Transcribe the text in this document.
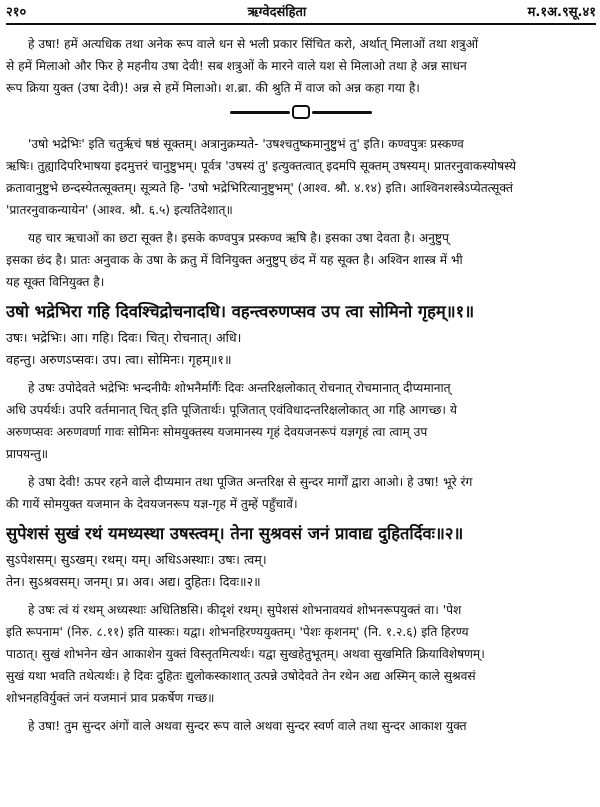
२१०	ऋग्वेदसंहिता	म.१अ.९सू.४१
हे उषा! हमें अत्यधिक तथा अनेक रूप वाले धन से भली प्रकार सिंचित करो, अर्थात् मिलाओं तथा शत्रुओं
से हमें मिलाओ और फिर हे महनीय उषा देवी! सब शत्रुओं के मारने वाले यश से मिलाओ तथा हे अन्न साधन
रूप क्रिया युक्त (उषा देवी)! अन्न से हमें मिलाओ। श.ब्रा. की श्रुति में वाज को अन्न कहा गया है।
'उषो भद्रेभिः' इति चतुर्ऋचं षष्ठं सूक्तम्। अत्रानुक्रम्यते- 'उषश्चतुष्कमानुष्टुभं तु' इति। कण्वपुत्रः प्रस्कण्व
ऋषिः। तुह्यादिपरिभाषया इदमुत्तरं चानुष्टुभम्। पूर्वत्र 'उषस्यं तु' इत्युक्तत्वात् इदमपि सूक्तम् उषस्यम्। प्रातरनुवाकस्योषस्ये
क्रतावानुष्टुभे छन्दस्येतत्सूक्तम्। सूत्र्यते हि- 'उषो भद्रेभिरित्यानुष्टुभम्' (आश्व. श्रौ. ४.१४) इति। आश्विनशस्त्रेऽप्येतत्सूक्तं
'प्रातरनुवाकन्यायेन' (आश्व. श्रौ. ६.५) इत्यतिदेशात्॥
यह चार ऋचाओं का छटा सूक्त है। इसके कण्वपुत्र प्रस्कण्व ऋषि है। इसका उषा देवता है। अनुष्टुप्
इसका छंद है। प्रातः अनुवाक के उषा के क्रतु में विनियुक्त अनुष्टुप् छंद में यह सूक्त है। अश्विन शास्त्र में भी
यह सूक्त विनियुक्त है।
उषो भद्रेभिरा गहि दिवश्चिद्रोचनादधि। वहन्त्वरुणप्सव उप त्वा सोमिनो गृहम्॥१॥
उषः। भद्रेभिः। आ। गहि। दिवः। चित्। रोचनात्। अधि।
वहन्तु। अरुणऽप्सवः। उप। त्वा। सोमिनः। गृहम्॥१॥
हे उषः उपोदेवते भद्रेभिः भन्दनीयैः शोभनैर्मार्गैः दिवः अन्तरिक्षलोकात् रोचनात् रोचमानात् दीप्यमानात्
अधि उपर्यर्थः। उपरि वर्तमानात् चित् इति पूजितार्थः। पूजितात् एवंविधादन्तरिक्षलोकात् आ गहि आगच्छ। ये
अरुणप्सवः अरुणवर्णा गावः सोमिनः सोमयुक्तस्य यजमानस्य गृहं देवयजनरूपं यज्ञगृहं त्वा त्वाम् उप
प्रापयन्तु॥
हे उषा देवी! ऊपर रहने वाले दीप्यमान तथा पूजित अन्तरिक्ष से सुन्दर मार्गों द्वारा आओ। हे उषा! भूरे रंग
की गायें सोमयुक्त यजमान के देवयजनरूप यज्ञ-गृह में तुम्हें पहुँचावें।
सुपेशसं सुखं रथं यमध्यस्था उषस्त्वम्। तेना सुश्रवसं जनं प्रावाद्य दुहितर्दिवः॥२॥
सुऽपेशसम्। सुऽखम्। रथम्। यम्। अधिऽअस्थाः। उषः। त्वम्।
तेन। सुऽश्रवसम्। जनम्। प्र। अव। अद्य। दुहितः। दिवः॥२॥
हे उषः त्वं यं रथम् अध्यस्थाः अधितिष्ठसि। कीदृशं रथम्। सुपेशसं शोभनावयवं शोभनरूपयुक्तं वा। 'पेश
इति रूपनाम' (निरु. ८.११) इति यास्कः। यद्वा। शोभनहिरण्ययुक्तम्। 'पेशः कृशनम्' (नि. १.२.६) इति हिरण्य
पाठात्। सुखं शोभनेन खेन आकाशेन युक्तं विस्तृतमित्यर्थः। यद्वा सुखहेतुभूतम्। अथवा सुखमिति क्रियाविशेषणम्।
सुखं यथा भवति तथेत्यर्थः। हे दिवः दुहितः द्युलोकस्काशात् उत्पन्ने उषोदेवते तेन रथेन अद्य अस्मिन् काले सुश्रवसं
शोभनहविर्युक्तं जनं यजमानं प्राव प्रकर्षेण गच्छ॥
हे उषा! तुम सुन्दर अंगों वाले अथवा सुन्दर रूप वाले अथवा सुन्दर स्वर्ण वाले तथा सुन्दर आकाश युक्त
